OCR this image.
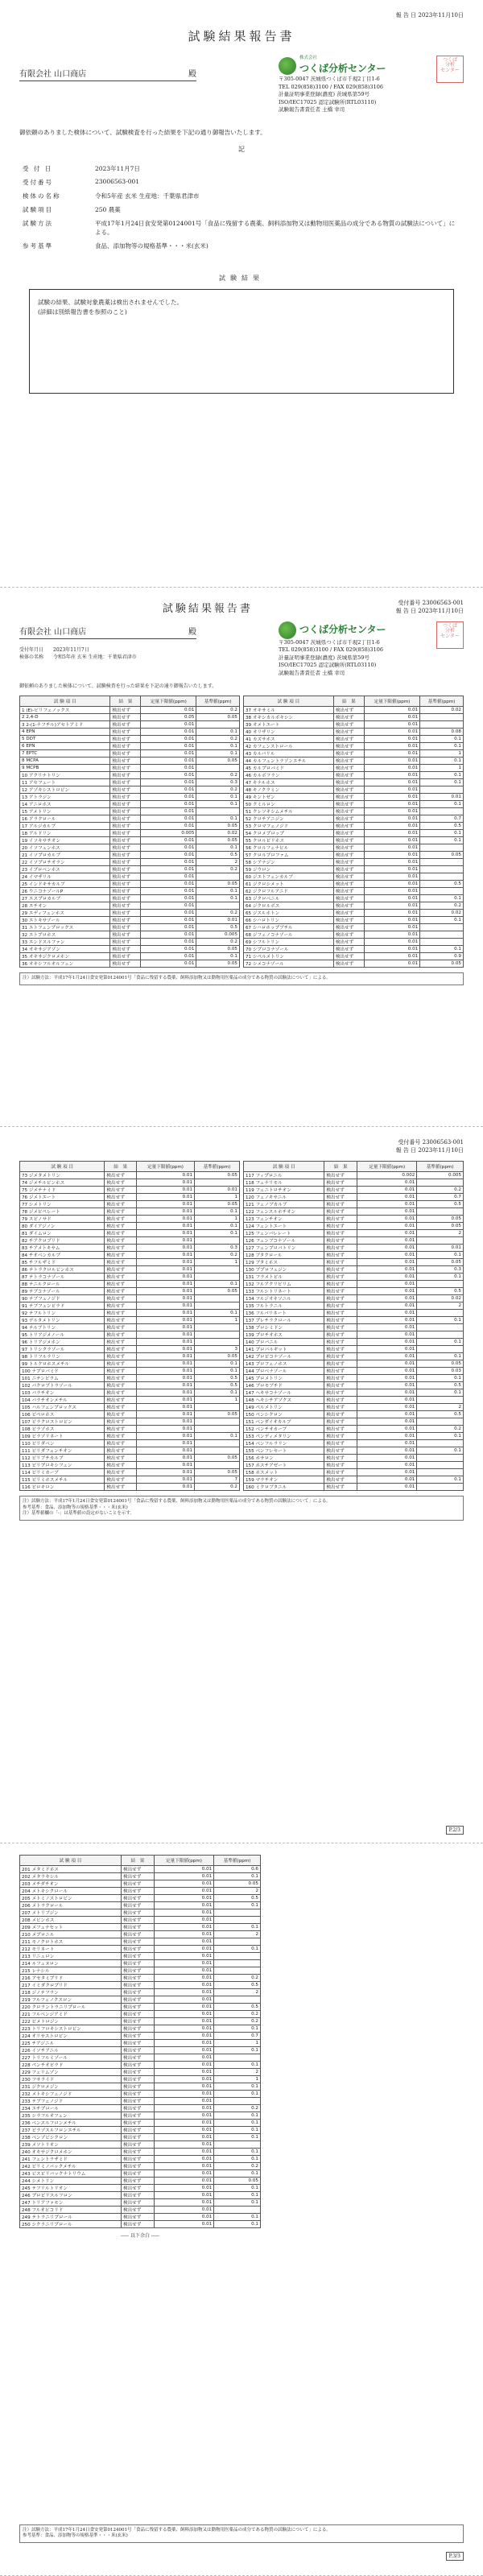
報 告 日 2023年11月10日
試験結果報告書
有限会社 山口商店	殿
つくば
分析
センター
株式会社
つくば分析センター
〒305-0047 茨城県つくば市千現2丁目1-6
TEL 029(858)3100 / FAX 029(858)3106
計量証明事業登録(濃度) 茨城県第59号
ISO/IEC17025 認定試験所(RTL03110)
試験報告書責任者 土橋 幸司
御依頼のありました検体について、試験検査を行った結果を下記の通り御報告いたします。
記
受 付 日	2023年11月7日
受付番号	23006563-001
検体の名称	令和5年産 玄米 生産地：千葉県君津市
試験項目	250 農薬
試験方法	平成17年1月24日食安発第0124001号「食品に残留する農薬、飼料添加物又は動物用医薬品の成分である物質の試験法について」による。
参考基準	食品、添加物等の規格基準・・・米(玄米)
試験結果
試験の結果、試験対象農薬は検出されませんでした。
(詳細は別紙報告書を参照のこと)
試験結果報告書	受付番号 23006563-001
報 告 日 2023年11月10日
有限会社 山口商店	殿
受付年月日　　2023年11月7日
検体の名称　　令和5年産 玄米 生産地：千葉県君津市
つくば
分析
センター
つくば分析センター
〒305-0047 茨城県つくば市千現2丁目1-6
TEL 029(858)3100 / FAX 029(858)3106
計量証明事業登録(濃度) 茨城県第59号
ISO/IEC17025 認定試験所(RTL03110)
試験報告書責任者 土橋 幸司
御依頼のありました検体について、試験検査を行った結果を下記の通り御報告いたします。
試 験 項 目	結　果	定量下限値(ppm)	基準値(ppm)
1 (E)-ピリフェノックス	検出せず	0.01	0.2
2 2,4-D	検出せず	0.05	0.05
3 2-(1-ナフチル)アセトアミド	検出せず	0.01	
4 EPN	検出せず	0.01	0.1
5 DDT	検出せず	0.01	0.2
6 EPN	検出せず	0.01	0.1
7 EPTC	検出せず	0.01	0.1
8 MCPA	検出せず	0.01	0.05
9 MCPB	検出せず	0.01	
10 アクリナトリン	検出せず	0.01	0.2
11 アセフェート	検出せず	0.01	0.3
12 アゾキシストロビン	検出せず	0.01	0.2
13 アトラジン	検出せず	0.01	0.1
14 アニロホス	検出せず	0.01	0.1
15 アメトリン	検出せず	0.01	
16 アラクロール	検出せず	0.01	0.1
17 アルジカルブ	検出せず	0.01	0.05
18 アルドリン	検出せず	0.005	0.02
19 イソキサチオン	検出せず	0.01	0.05
20 イソフェンホス	検出せず	0.01	0.1
21 イソプロカルブ	検出せず	0.01	0.5
22 イソプロチオラン	検出せず	0.01	2
23 イプロベンホス	検出せず	0.01	0.2
24 イマザリル	検出せず	0.01	
25 インドキサカルブ	検出せず	0.01	0.05
26 ウニコナゾールP	検出せず	0.01	0.1
27 エスプロカルブ	検出せず	0.01	0.1
28 エチオン	検出せず	0.01	
29 エディフェンホス	検出せず	0.01	0.2
30 エトキサゾール	検出せず	0.01	0.01
31 エトフェンプロックス	検出せず	0.01	0.5
32 エトプロホス	検出せず	0.01	0.005
33 エンドスルファン	検出せず	0.01	0.2
34 オキサジアゾン	検出せず	0.01	0.05
35 オキサジクロメホン	検出せず	0.01	0.1
36 オキシフルオルフェン	検出せず	0.01	0.05
試 験 項 目	結　果	定量下限値(ppm)	基準値(ppm)
37 オキサミル	検出せず	0.01	0.02
38 オキシカルボキシン	検出せず	0.01	
39 オメトエート	検出せず	0.01	
40 オリザリン	検出せず	0.01	0.08
41 カズサホス	検出せず	0.01	0.1
42 カフェンストロール	検出せず	0.01	0.1
43 カルバリル	検出せず	0.01	1
44 カルフェントラゾンエチル	検出せず	0.01	0.1
45 カルプロパミド	検出せず	0.01	1
46 カルボフラン	検出せず	0.01	0.1
47 キナルホス	検出せず	0.01	0.1
48 キノクラミン	検出せず	0.01	
49 キントゼン	検出せず	0.01	0.01
50 クミルロン	検出せず	0.01	0.1
51 クレソキシムメチル	検出せず	0.01	
52 クロチアニジン	検出せず	0.01	0.7
53 クロマフェノジド	検出せず	0.01	0.5
54 クロメプロップ	検出せず	0.01	0.1
55 クロルピリホス	検出せず	0.01	0.1
56 クロルフェナピル	検出せず	0.01	
57 クロルプロファム	検出せず	0.01	0.05
58 シアナジン	検出せず	0.01	
59 ジウロン	検出せず	0.01	
60 ジエトフェンカルブ	検出せず	0.01	
61 ジクロシメット	検出せず	0.01	0.5
62 ジクロフルアニド	検出せず	0.01	
63 ジクロベニル	検出せず	0.01	0.1
64 ジクロルボス	検出せず	0.01	0.2
65 ジスルホトン	検出せず	0.01	0.02
66 シハロトリン	検出せず	0.01	0.1
67 シハロホップブチル	検出せず	0.01	
68 ジフェノコナゾール	検出せず	0.01	
69 シフルトリン	検出せず	0.01	
70 シプロコナゾール	検出せず	0.01	0.1
71 シペルメトリン	検出せず	0.01	0.9
72 シメコナゾール	検出せず	0.01	0.05
注）試験方法：平成17年1月24日食安発第0124001号「食品に残留する農薬、飼料添加物又は動物用医薬品の成分である物質の試験法について」による。
受付番号 23006563-001
報 告 日 2023年11月10日
試 験 項 目	結　果	定量下限値(ppm)	基準値(ppm)
73 ジメタメトリン	検出せず	0.01	0.05
74 ジメチルビンホス	検出せず	0.01	
75 ジメテナミド	検出せず	0.01	0.01
76 ジメトエート	検出せず	0.01	1
77 シメトリン	検出せず	0.01	0.05
78 ジメピペレート	検出せず	0.01	0.1
79 スピノサド	検出せず	0.01	1
80 ダイアジノン	検出せず	0.01	0.1
81 ダイムロン	検出せず	0.01	0.1
82 チアクロプリド	検出せず	0.01	
83 チアメトキサム	検出せず	0.01	0.3
84 チオベンカルブ	検出せず	0.01	0.2
85 チフルザミド	検出せず	0.01	1
86 テトラクロルビンホス	検出せず	0.01	
87 テトラコナゾール	検出せず	0.01	
88 テニルクロール	検出せず	0.01	0.1
89 テブコナゾール	検出せず	0.01	0.05
90 テブフェノジド	検出せず	0.01	
91 テブフェンピラド	検出せず	0.01	
92 テフルトリン	検出せず	0.01	0.1
93 デルタメトリン	検出せず	0.01	1
94 テルブトリン	検出せず	0.01	
95 トリアジメノール	検出せず	0.01	
96 トリアジメホン	検出せず	0.01	
97 トリシクラゾール	検出せず	0.01	3
98 トリフルラリン	検出せず	0.01	0.05
99 トルクロホスメチル	検出せず	0.01	0.1
100 ナプロパミド	検出せず	0.01	0.1
101 ニテンピラム	検出せず	0.01	0.5
102 パクロブトラゾール	検出せず	0.01	0.5
103 パラチオン	検出せず	0.01	0.1
104 パラチオンメチル	検出せず	0.01	1
105 ハルフェンプロックス	検出せず	0.01	
106 ピペロホス	検出せず	0.01	0.05
107 ピラクロストロビン	検出せず	0.01	
108 ピラゾホス	検出せず	0.01	
109 ピラゾリネート	検出せず	0.01	0.1
110 ピリダベン	検出せず	0.01	
111 ピリダフェンチオン	検出せず	0.01	
112 ピリブチカルブ	検出せず	0.01	0.05
113 ピリプロキシフェン	検出せず	0.01	
114 ピリミカーブ	検出せず	0.01	0.05
115 ピリミホスメチル	検出せず	0.01	7
116 ピロキロン	検出せず	0.01	0.2
試 験 項 目	結　果	定量下限値(ppm)	基準値(ppm)
117 フィプロニル	検出せず	0.002	0.005
118 フェナリモル	検出せず	0.01	
119 フェニトロチオン	検出せず	0.01	0.2
120 フェノキサニル	検出せず	0.01	0.7
121 フェノブカルブ	検出せず	0.01	0.5
122 フェンスルホチオン	検出せず	0.01	
123 フェンチオン	検出せず	0.01	0.05
124 フェントエート	検出せず	0.01	0.05
125 フェンバレレート	検出せず	0.01	2
126 フェンブコナゾール	検出せず	0.01	
127 フェンプロパトリン	検出せず	0.01	0.01
128 ブタクロール	検出せず	0.01	0.1
129 ブタミホス	検出せず	0.01	0.05
130 ブプロフェジン	検出せず	0.01	0.3
131 フラメトピル	検出せず	0.01	0.1
132 フルアクリピリム	検出せず	0.01	
133 フルシトリネート	検出せず	0.01	0.5
134 フルジオキソニル	検出せず	0.01	0.02
135 フルトラニル	検出せず	0.01	2
136 フルバリネート	検出せず	0.01	
137 プレチラクロール	検出せず	0.01	0.1
138 プロシミドン	検出せず	0.01	
139 プロチオホス	検出せず	0.01	
140 プロパニル	検出せず	0.01	0.1
141 プロパルギット	検出せず	0.01	
142 プロピコナゾール	検出せず	0.01	0.1
143 プロフェノホス	検出せず	0.01	0.05
144 プロベナゾール	検出せず	0.01	0.03
145 プロメトリン	検出せず	0.01	0.1
146 ブロモブチド	検出せず	0.01	0.5
147 ヘキサコナゾール	検出せず	0.01	0.1
148 ヘキシチアゾクス	検出せず	0.01	
149 ペルメトリン	検出せず	0.01	2
150 ペンシクロン	検出せず	0.01	0.5
151 ベンダイオカルブ	検出せず	0.01	
152 ベンチオカーブ	検出せず	0.01	0.2
153 ペンディメタリン	検出せず	0.01	0.1
154 ベンフルラリン	検出せず	0.01	
155 ベンフレセート	検出せず	0.01	0.1
156 ホサロン	検出せず	0.01	
157 ホスチアゼート	検出せず	0.01	
158 ホスメット	検出せず	0.01	
159 マラチオン	検出せず	0.01	0.1
160 ミクロブタニル	検出せず	0.01	
注）試験方法：平成17年1月24日食安発第0124001号「食品に残留する農薬、飼料添加物又は動物用医薬品の成分である物質の試験法について」による。
参考基準：食品、添加物等の規格基準・・・米(玄米)
注）基準値欄の「-」は基準値の設定がないことを示す。
P.2/3
試 験 項 目	結　果	定量下限値(ppm)	基準値(ppm)
201 メタミドホス	検出せず	0.01	0.6
202 メタラキシル	検出せず	0.01	0.1
203 メチダチオン	検出せず	0.01	0.05
204 メトキシクロール	検出せず	0.01	2
205 メトミノストロビン	検出せず	0.01	0.5
206 メトラクロール	検出せず	0.01	0.1
207 メトリブジン	検出せず	0.01	
208 メビンホス	検出せず	0.01	
209 メフェナセット	検出せず	0.01	0.1
210 メプロニル	検出せず	0.01	2
211 モノクロトホス	検出せず	0.01	
212 モリネート	検出せず	0.01	0.1
213 リニュロン	検出せず	0.01	
214 ルフェヌロン	検出せず	0.01	
215 レナシル	検出せず	0.01	
216 アセタミプリド	検出せず	0.01	0.2
217 イミダクロプリド	検出せず	0.01	0.5
218 ジノテフラン	検出せず	0.01	2
219 フルフェノクスロン	検出せず	0.01	
220 クロラントラニリプロール	検出せず	0.01	0.5
221 フルベンジアミド	検出せず	0.01	0.2
222 ピメトロジン	検出せず	0.01	0.2
223 トリフロキシストロビン	検出せず	0.01	0.1
224 オリサストロビン	検出せず	0.01	0.7
225 チアジニル	検出せず	0.01	1
226 イソチアニル	検出せず	0.01	0.1
227 トリフルミゾール	検出せず	0.01	
228 ペンチオピラド	検出せず	0.01	0.1
229 フェリムゾン	検出せず	0.01	2
230 フサライド	検出せず	0.01	1
231 ジクロメジン	検出せず	0.01	0.1
232 メトキシフェノジド	検出せず	0.01	0.1
233 テブフェノジド	検出せず	0.01	
234 エチプロール	検出せず	0.01	0.2
235 シラフルオフェン	検出せず	0.01	0.1
236 ベンスルフロンメチル	検出せず	0.01	0.1
237 ピラゾスルフロンエチル	検出せず	0.01	0.1
238 ベンゾビシクロン	検出せず	0.01	0.1
239 メソトリオン	検出せず	0.01	
240 オキサジクロメホン	検出せず	0.01	0.1
241 フェントラザミド	検出せず	0.01	0.1
242 ピリミノバックメチル	検出せず	0.01	0.2
243 ビスピリバックナトリウム	検出せず	0.01	0.1
244 シメトリン	検出せず	0.01	0.05
245 テフリルトリオン	検出せず	0.01	0.1
246 プロピリスルフロン	検出せず	0.01	0.1
247 トリアファモン	検出せず	0.01	0.1
248 フルオピコリド	検出せず	0.01	
249 テトラニリプロール	検出せず	0.01	0.1
250 シクラニリプロール	検出せず	0.01	0.1
----- 以下余白 -----
注）試験方法：平成17年1月24日食安発第0124001号「食品に残留する農薬、飼料添加物又は動物用医薬品の成分である物質の試験法について」による。
参考基準：食品、添加物等の規格基準・・・米(玄米)
P.3/3
